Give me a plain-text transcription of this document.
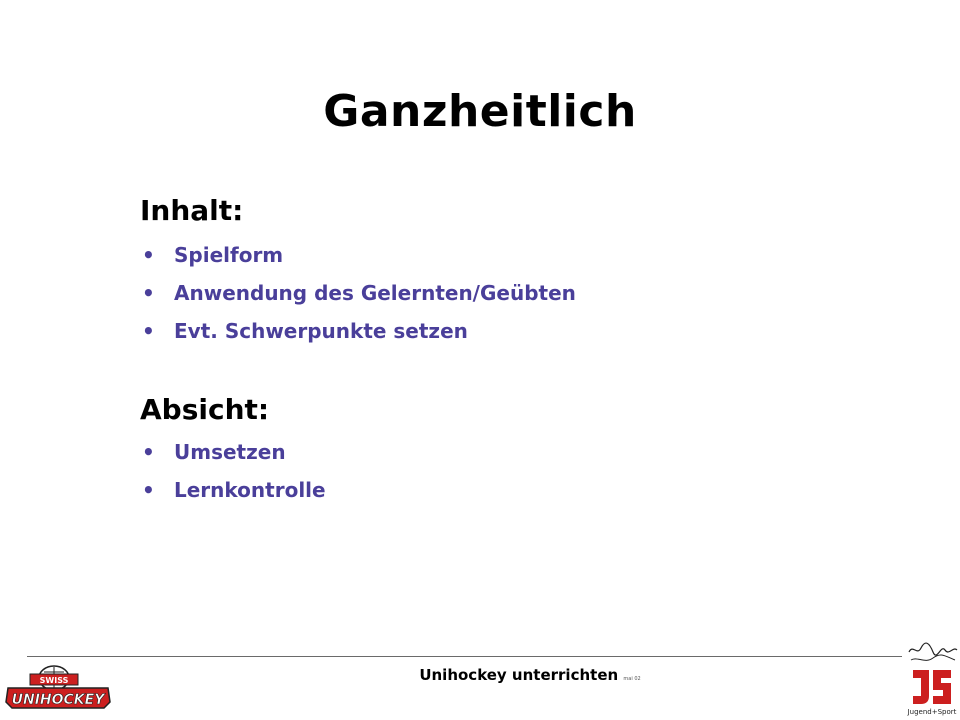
Ganzheitlich
Inhalt:
• Spielform
• Anwendung des Gelernten/Geübten
• Evt. Schwerpunkte setzen
Absicht:
• Umsetzen
• Lernkontrolle
Unihockey unterrichten mai 02
SWISS
UNIHOCKEY
Jugend+Sport
